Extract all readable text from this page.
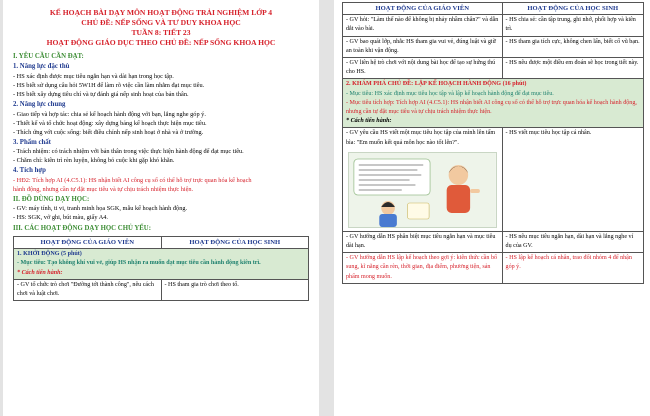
KẾ HOẠCH BÀI DẠY MÔN HOẠT ĐỘNG TRẢI NGHIỆM LỚP 4

CHỦ ĐỀ: NẾP SỐNG VÀ TƯ DUY KHOA HỌC

TUẦN 8: TIẾT 23

HOẠT ĐỘNG GIÁO DỤC THEO CHỦ ĐỀ: NẾP SỐNG KHOA HỌC

I. YÊU CẦU CẦN ĐẠT:

1. Năng lực đặc thù

- HS xác định được mục tiêu ngắn hạn và dài hạn trong học tập.

- HS biết sử dụng câu hỏi 5W1H để làm rõ việc cần làm nhằm đạt mục tiêu.

- HS biết xây dựng tiêu chí và tự đánh giá nếp sinh hoạt của bản thân.

2. Năng lực chung

- Giao tiếp và hợp tác: chia sẻ kế hoạch hành động với bạn, lắng nghe góp ý.

- Thiết kế và tổ chức hoạt động: xây dựng bảng kế hoạch thực hiện mục tiêu.

- Thích ứng với cuộc sống: biết điều chỉnh nếp sinh hoạt ở nhà và ở trường.

3. Phẩm chất

- Trách nhiệm: có trách nhiệm với bản thân trong việc thực hiện hành động để đạt mục tiêu.

- Chăm chỉ: kiên trì rèn luyện, không bỏ cuộc khi gặp khó khăn.

4. Tích hợp

- HĐ2: Tích hợp AI (4.C5.1): HS nhận biết AI công cụ số có thể hỗ trợ trực quan hóa kế hoạch

hành động, nhưng cần tự đặt mục tiêu và tự chịu trách nhiệm thực hiện.

II. ĐỒ DÙNG DẠY HỌC:

- GV: máy tính, ti vi, tranh minh họa SGK, mẫu kế hoạch hành động.

- HS: SGK, vở ghi, bút màu, giấy A4.

III. CÁC HOẠT ĐỘNG DẠY HỌC CHỦ YẾU:

HOẠT ĐỘNG CỦA GIÁO VIÊN	HOẠT ĐỘNG CỦA HỌC SINH

1. KHỞI ĐỘNG (5 phút)
- Mục tiêu: Tạo không khí vui vẻ, giúp HS nhận ra muốn đạt mục tiêu cần hành động kiên trì.
* Cách tiến hành:	

- GV tổ chức trò chơi "Đường tới thành công", nêu cách chơi và luật chơi.	- HS tham gia trò chơi theo tổ.
HOẠT ĐỘNG CỦA GIÁO VIÊN	HOẠT ĐỘNG CỦA HỌC SINH
- GV hỏi: "Làm thế nào để không bị nhảy nhầm chân?" và dẫn dắt vào bài.	- HS chia sẻ: cần tập trung, ghi nhớ, phối hợp và kiên trì.
- GV bao quát lớp, nhắc HS tham gia vui vẻ, đúng luật và giữ an toàn khi vận động.	- HS tham gia tích cực, không chen lấn, biết cổ vũ bạn.
- GV liên hệ trò chơi với nội dung bài học để tạo sự hứng thú cho HS.	- HS nêu được một điều em đoán sẽ học trong tiết này.

2. KHÁM PHÁ CHỦ ĐỀ: LẬP KẾ HOẠCH HÀNH ĐỘNG (16 phút)
- Mục tiêu: HS xác định mục tiêu học tập và lập kế hoạch hành động để đạt mục tiêu.
- Mục tiêu tích hợp: Tích hợp AI (4.C5.1): HS nhận biết AI công cụ số có thể hỗ trợ trực quan hóa kế hoạch hành động, nhưng cần tự đặt mục tiêu và tự chịu trách nhiệm thực hiện.
* Cách tiến hành:	

- GV yêu cầu HS viết một mục tiêu học tập của mình lên tấm bìa: "Em muốn kết quả môn học nào tốt lên?".	- HS viết mục tiêu học tập cá nhân.
- GV hướng dẫn HS phân biệt mục tiêu ngắn hạn và mục tiêu dài hạn.	- HS nêu mục tiêu ngắn hạn, dài hạn và lắng nghe ví dụ của GV.
- GV hướng dẫn HS lập kế hoạch theo gợi ý: kiên thức cần bổ sung, kĩ năng cần rèn, thời gian, địa điểm, phương tiện, sản phẩm mong muốn.	- HS lập kế hoạch cá nhân, trao đổi nhóm 4 để nhận góp ý.
